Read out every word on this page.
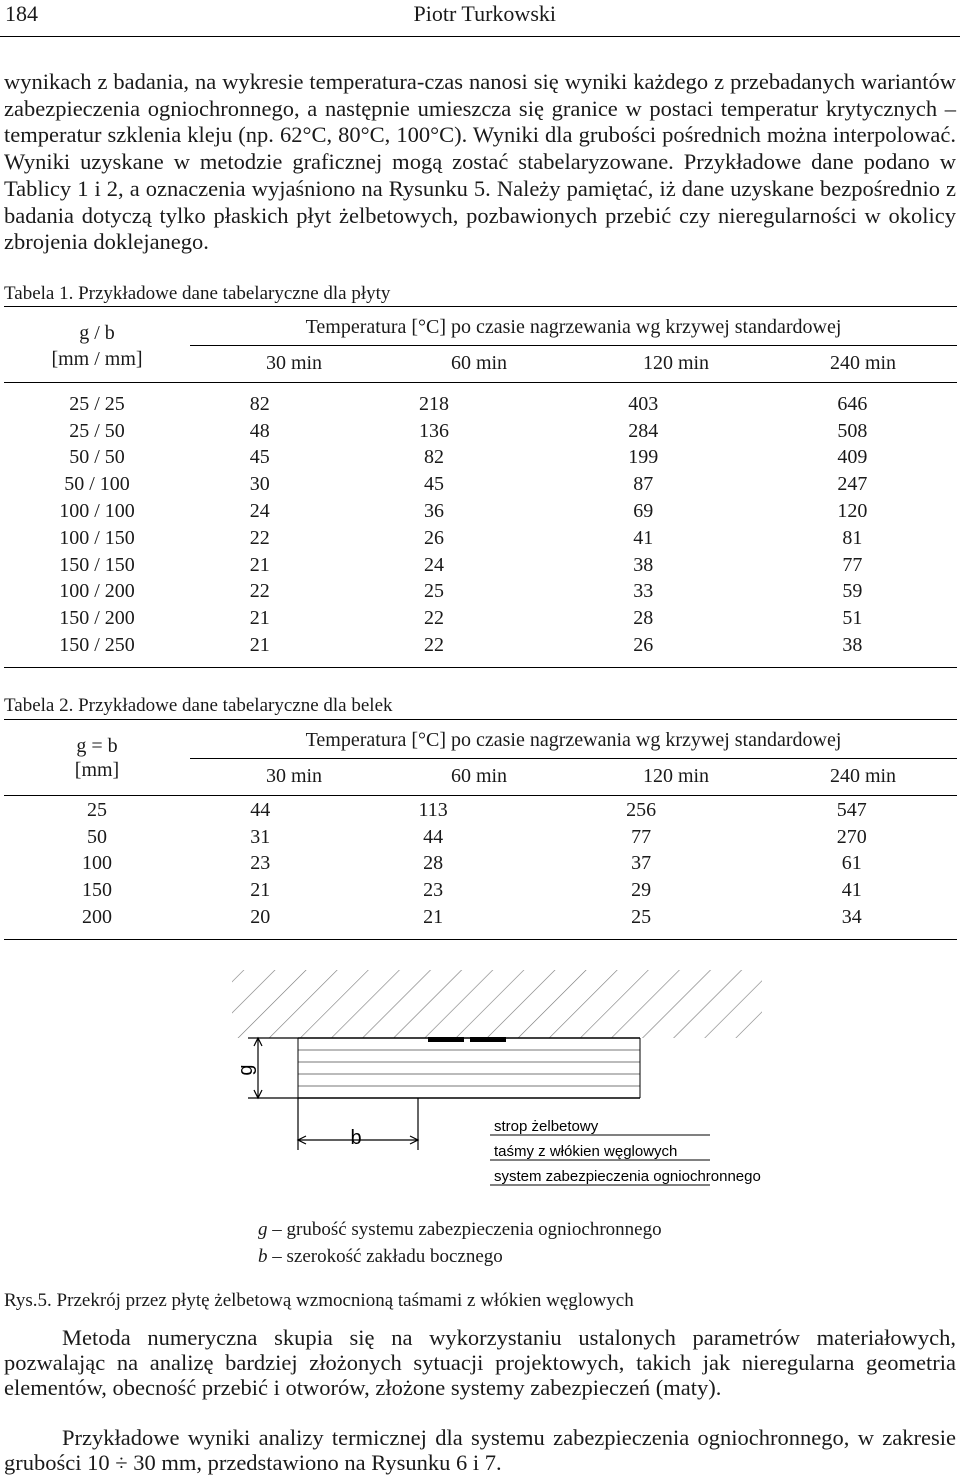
184	Piotr Turkowski

wynikach z badania, na wykresie temperatura-czas nanosi się wyniki każdego z przebadanych wariantów zabezpieczenia ogniochronnego, a następnie umieszcza się granice w postaci temperatur krytycznych – temperatur szklenia kleju (np. 62°C, 80°C, 100°C). Wyniki dla grubości pośrednich można interpolować. Wyniki uzyskane w metodzie graficznej mogą zostać stabelaryzowane. Przykładowe dane podano w Tablicy 1 i 2, a oznaczenia wyjaśniono na Rysunku 5. Należy pamiętać, iż dane uzyskane bezpośrednio z badania dotyczą tylko płaskich płyt żelbetowych, pozbawionych przebić czy nieregularności w okolicy zbrojenia doklejanego.

Tabela 1. Przykładowe dane tabelaryczne dla płyty
g / b
[mm / mm]
Temperatura [°C] po czasie nagrzewania wg krzywej standardowej
30 min	60 min	120 min	240 min
25 / 25	82	218	403	646
25 / 50	48	136	284	508
50 / 50	45	82	199	409
50 / 100	30	45	87	247
100 / 100	24	36	69	120
100 / 150	22	26	41	81
150 / 150	21	24	38	77
100 / 200	22	25	33	59
150 / 200	21	22	28	51
150 / 250	21	22	26	38
Tabela 2. Przykładowe dane tabelaryczne dla belek
g = b
[mm]
Temperatura [°C] po czasie nagrzewania wg krzywej standardowej
30 min	60 min	120 min	240 min
25	44	113	256	547
50	31	44	77	270
100	23	28	37	61
150	21	23	29	41
200	20	21	25	34
g
b
strop żelbetowy
taśmy z włókien węglowych
system zabezpieczenia ogniochronnego
g – grubość systemu zabezpieczenia ogniochronnego
b – szerokość zakładu bocznego
Rys.5. Przekrój przez płytę żelbetową wzmocnioną taśmami z włókien węglowych

Metoda numeryczna skupia się na wykorzystaniu ustalonych parametrów materiałowych, pozwalając na analizę bardziej złożonych sytuacji projektowych, takich jak nieregularna geometria elementów, obecność przebić i otworów, złożone systemy zabezpieczeń (maty).

Przykładowe wyniki analizy termicznej dla systemu zabezpieczenia ogniochronnego, w zakresie grubości 10 ÷ 30 mm, przedstawiono na Rysunku 6 i 7.
